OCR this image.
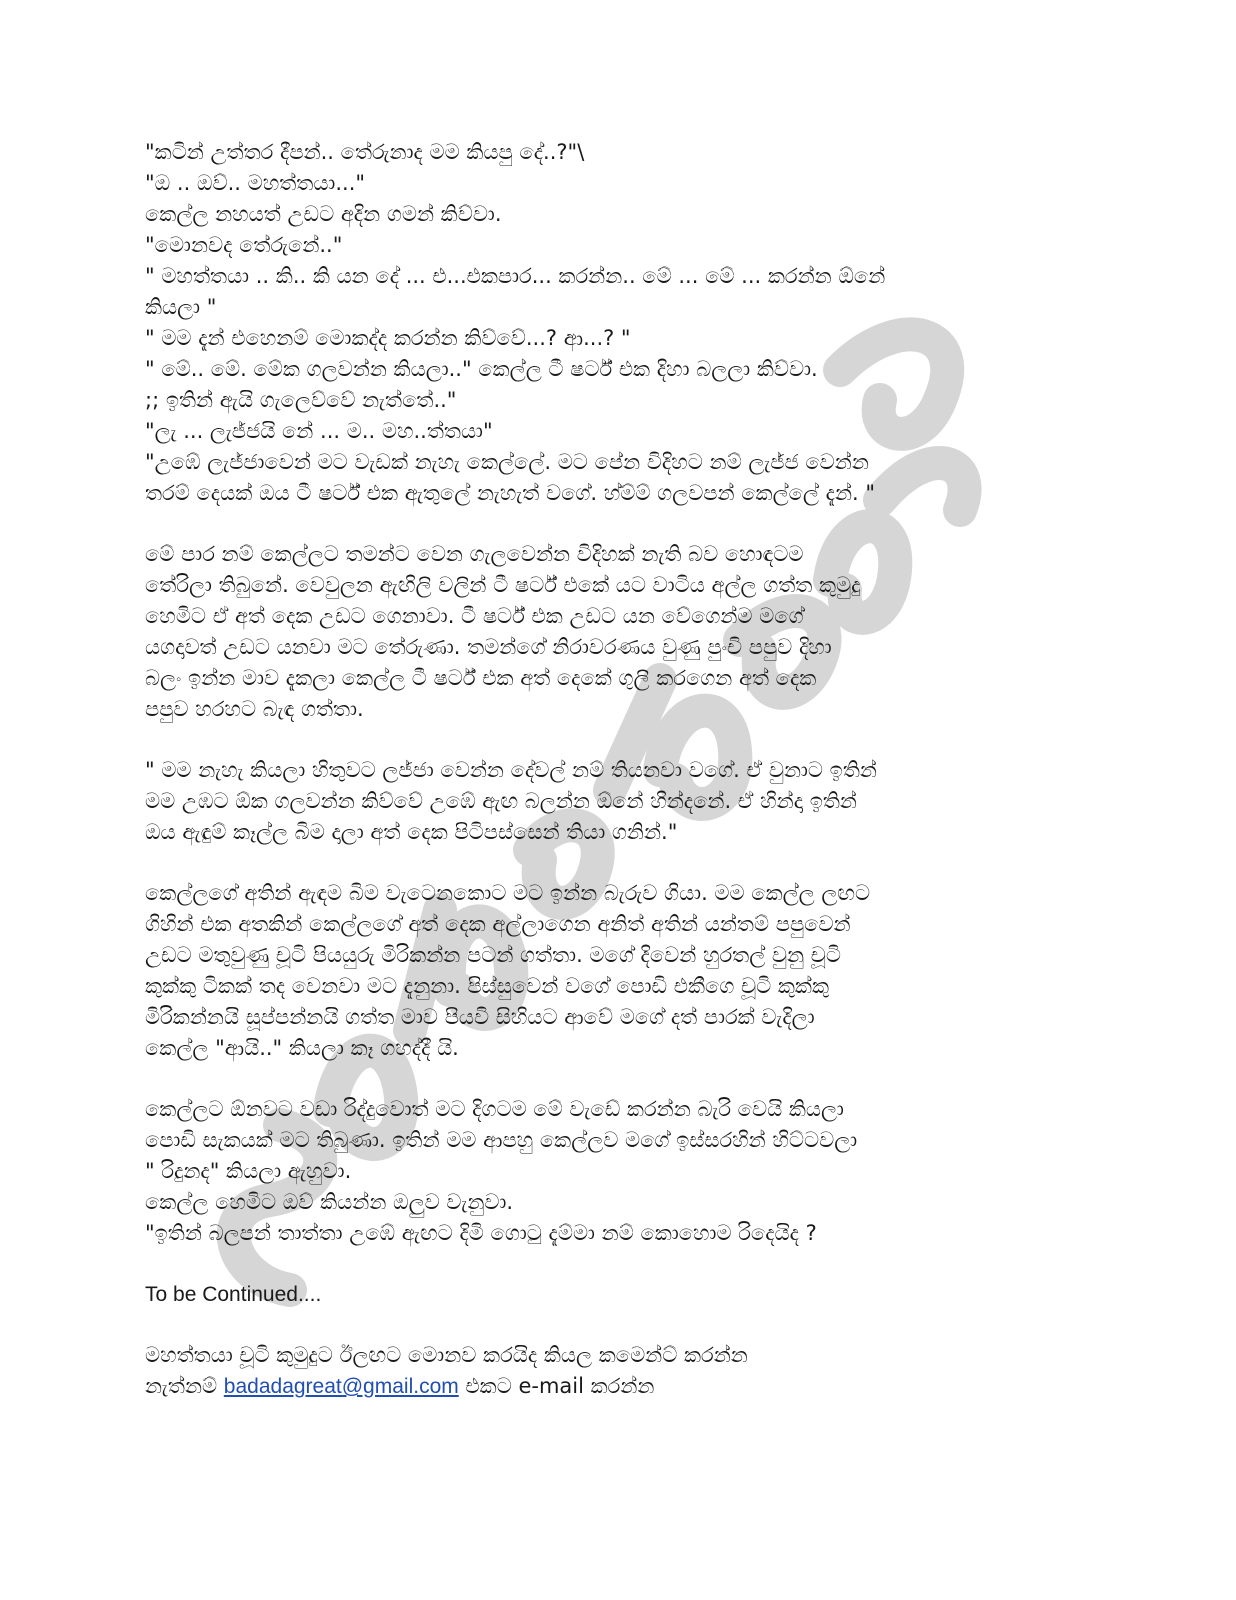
"කටින් උත්තර දීපන්.. තේරුනාද මම කියපු දේ..?"\
"ඔ .. ඔව්.. මහත්තයා..."
කෙල්ල නහයත් උඩට අදින ගමන් කිව්වා.
"මොනවද තේරුනේ.."
" මහත්තයා .. කි.. කි යන දේ ... එ...එකපාර... කරන්න.. මේ ... මේ ... කරන්න ඕනේ
කියලා "
" මම දැන් එහෙනම් මොකද්ද කරන්න කිව්වේ...? ආ...? "
" මේ.. මේ. මේක ගලවන්න කියලා.." කෙල්ල ටී ෂර්ට් එක දිහා බලලා කිව්වා.
;; ඉතින් ඇයි ගැලෙව්වේ නැත්තේ.."
"ලැ ... ලැජ්ජයි නේ ... ම.. මහ..ත්තයා"
"උඹේ ලැජ්ජාවෙන් මට වැඩක් නැහැ කෙල්ලේ. මට පේන විදිහට නම් ලැජ්ජ වෙන්න
තරම් දෙයක් ඔය ටී ෂර්ට් එක ඇතුලේ නැහැත් වගේ. හ්ම්ම් ගලවපන් කෙල්ලේ දැන්. "
මේ පාර නම් කෙල්ලට තමන්ට වෙන ගැලවෙන්න විදිහක් නැති බව හොඳටම
තේරිලා තිබුනේ. වෙවුලන ඇඟිලි වලින් ටී ෂර්ට් එකේ යට වාටිය අල්ල ගත්ත කුමුදු
හෙමිට ඒ අත් දෙක උඩට ගෙනාවා. ටී ෂර්ට් එක උඩට යන වේගෙන්ම මගේ
යගදාවත් උඩට යනවා මට තේරුණා. තමන්ගේ නිරාවරණය වුණු පුංචි පපුව දිහා
බලං ඉන්න මාව දැකලා කෙල්ල ටී ෂර්ට් එක අත් දෙකේ ගුලි කරගෙන අත් දෙක
පපුව හරහට බැඳ ගත්තා.
" මම නැහැ කියලා හිතුවට ලජ්ජා වෙන්න දේවල් නම් තියනවා වගේ. ඒ වුනාට ඉතින්
මම උඹට ඕක ගලවන්න කිව්වේ උඹේ ඇඟ බලන්න ඕනේ හින්දනේ. ඒ හින්දා ඉතින්
ඔය ඇඳුම් කෑල්ල බිම දාලා අත් දෙක පිටිපස්සෙන් තියා ගනින්."
කෙල්ලගේ අතින් ඇඳම බිම වැටෙනකොට මට ඉන්න බැරුව ගියා. මම කෙල්ල ලඟට
ගිහින් එක අතකින් කෙල්ලගේ අත් දෙක අල්ලාගෙන අනිත් අතින් යන්තම් පපුවෙන්
උඩට මතුවුණු චූටි පියයුරු මිරිකන්න පටන් ගත්තා. මගේ දිවෙන් හුරතල් වුනු චූටි
කුක්කු ටිකක් තද වෙනවා මට දැනුනා. පිස්සුවෙන් වගේ පොඩි එකීගෙ චූටි කුක්කු
මිරිකන්නයි සූප්පන්නයි ගත්ත මාව පියවි සිහියට ආවේ මගේ දත් පාරක් වැදිලා
කෙල්ල "ආයි.." කියලා කෑ ගහද්දී යි.
කෙල්ලට ඕනවට වඩා රිද්දුවොත් මට දිගටම මේ වැඩේ කරන්න බැරි වෙයි කියලා
පොඩි සැකයක් මට තිබුණා. ඉතින් මම ආපහු කෙල්ලව මගේ ඉස්සරහින් හිට්ටවලා
" රිදුනද" කියලා ඇහුවා.
කෙල්ල හෙමිට ඔව් කියන්න ඔලුව වැනුවා.
"ඉතින් බලපන් තාත්තා උඹේ ඇඟට දිමි ගොටු දැම්මා නම් කොහොම රිදෙයිද ?
To be Continued....
මහත්තයා චූටි කුමුදුට ඊලඟට මොනව කරයිද කියල කමෙන්ට් කරන්න
නැත්නම් badadagreat@gmail.com එකට e-mail කරන්න
